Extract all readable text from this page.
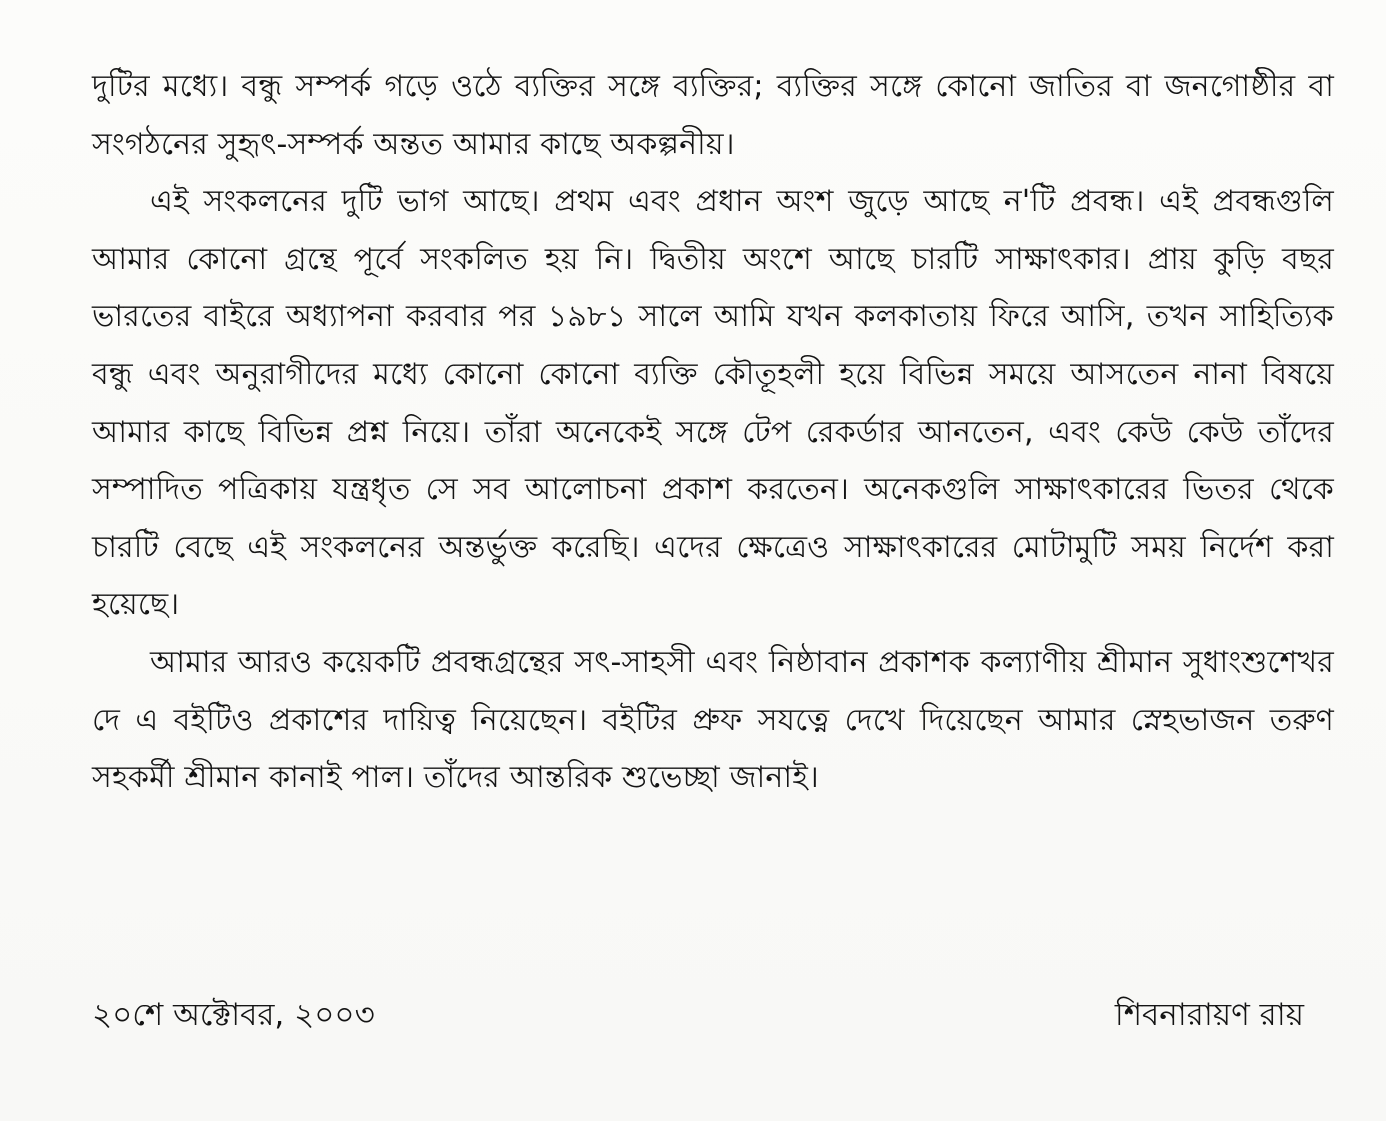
দুটির মধ্যে। বন্ধু সম্পর্ক গড়ে ওঠে ব্যক্তির সঙ্গে ব্যক্তির; ব্যক্তির সঙ্গে কোনো জাতির বা জনগোষ্ঠীর বা সংগঠনের সুহৃৎ-সম্পর্ক অন্তত আমার কাছে অকল্পনীয়।

এই সংকলনের দুটি ভাগ আছে। প্রথম এবং প্রধান অংশ জুড়ে আছে ন'টি প্রবন্ধ। এই প্রবন্ধগুলি আমার কোনো গ্রন্থে পূর্বে সংকলিত হয় নি। দ্বিতীয় অংশে আছে চারটি সাক্ষাৎকার। প্রায় কুড়ি বছর ভারতের বাইরে অধ্যাপনা করবার পর ১৯৮১ সালে আমি যখন কলকাতায় ফিরে আসি, তখন সাহিত্যিক বন্ধু এবং অনুরাগীদের মধ্যে কোনো কোনো ব্যক্তি কৌতূহলী হয়ে বিভিন্ন সময়ে আসতেন নানা বিষয়ে আমার কাছে বিভিন্ন প্রশ্ন নিয়ে। তাঁরা অনেকেই সঙ্গে টেপ রেকর্ডার আনতেন, এবং কেউ কেউ তাঁদের সম্পাদিত পত্রিকায় যন্ত্রধৃত সে সব আলোচনা প্রকাশ করতেন। অনেকগুলি সাক্ষাৎকারের ভিতর থেকে চারটি বেছে এই সংকলনের অন্তর্ভুক্ত করেছি। এদের ক্ষেত্রেও সাক্ষাৎকারের মোটামুটি সময় নির্দেশ করা হয়েছে।

আমার আরও কয়েকটি প্রবন্ধগ্রন্থের সৎ-সাহসী এবং নিষ্ঠাবান প্রকাশক কল্যাণীয় শ্রীমান সুধাংশুশেখর দে এ বইটিও প্রকাশের দায়িত্ব নিয়েছেন। বইটির প্রুফ সযত্নে দেখে দিয়েছেন আমার স্নেহভাজন তরুণ সহকর্মী শ্রীমান কানাই পাল। তাঁদের আন্তরিক শুভেচ্ছা জানাই।

২০শে অক্টোবর, ২০০৩	শিবনারায়ণ রায়
